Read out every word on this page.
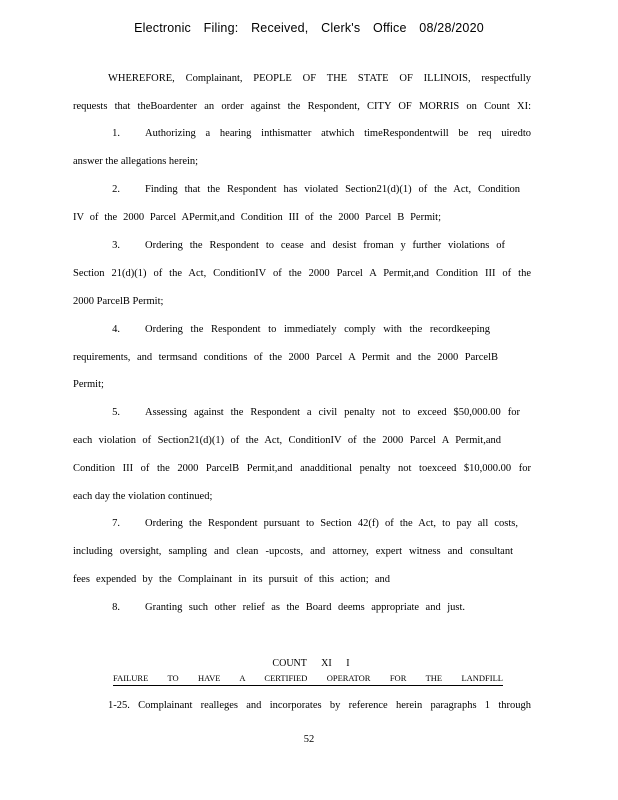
Electronic Filing: Received, Clerk's Office 08/28/2020
WHEREFORE, Complainant, PEOPLE OF THE STATE OF ILLINOIS, respectfully
requests that theBoardenter an order against the Respondent, CITY OF MORRIS on Count XI:
1. Authorizing a hearing inthismatter atwhich timeRespondentwill be req uiredto
answer the allegations herein;
2. Finding that the Respondent has violated Section21(d)(1) of the Act, Condition
IV of the 2000 Parcel APermit,and Condition III of the 2000 Parcel B Permit;
3. Ordering the Respondent to cease and desist froman y further violations of
Section 21(d)(1) of the Act, ConditionIV of the 2000 Parcel A Permit,and Condition III of the
2000 ParcelB Permit;
4. Ordering the Respondent to immediately comply with the recordkeeping
requirements, and termsand conditions of the 2000 Parcel A Permit and the 2000 ParcelB
Permit;
5. Assessing against the Respondent a civil penalty not to exceed $50,000.00 for
each violation of Section21(d)(1) of the Act, ConditionIV of the 2000 Parcel A Permit,and
Condition III of the 2000 ParcelB Permit,and anadditional penalty not toexceed $10,000.00 for
each day the violation continued;
7. Ordering the Respondent pursuant to Section 42(f) of the Act, to pay all costs,
including oversight, sampling and clean -upcosts, and attorney, expert witness and consultant
fees expended by the Complainant in its pursuit of this action; and
8. Granting such other relief as the Board deems appropriate and just.
COUNT XI I
FAILURE TO HAVE A CERTIFIED OPERATOR FOR THE LANDFILL
1-25. Complainant realleges and incorporates by reference herein paragraphs 1 through
52
